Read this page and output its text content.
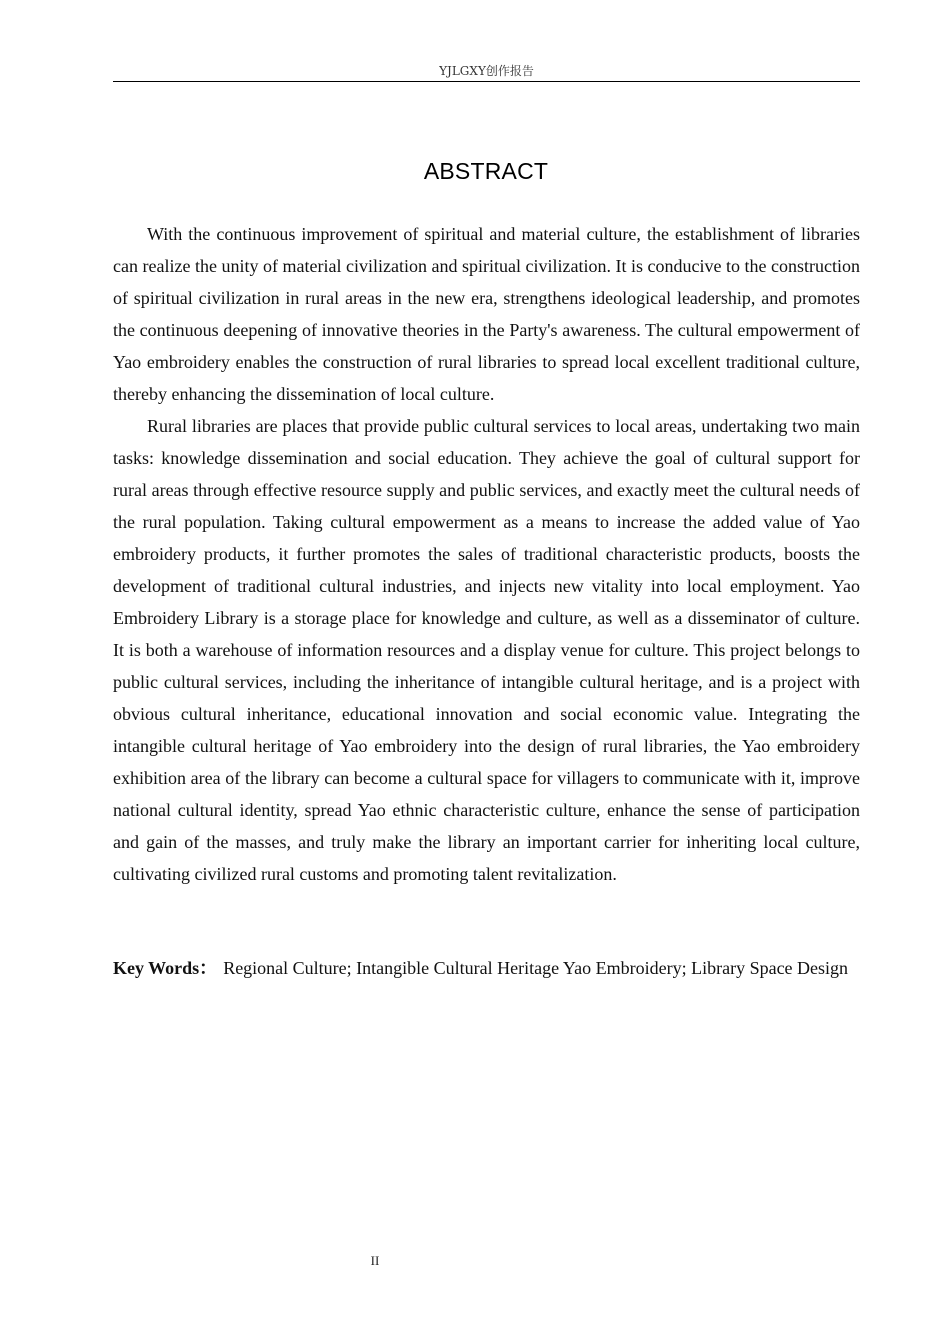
YJLGXY创作报告
ABSTRACT

With the continuous improvement of spiritual and material culture, the establishment of libraries can realize the unity of material civilization and spiritual civilization. It is conducive to the construction of spiritual civilization in rural areas in the new era, strengthens ideological leadership, and promotes the continuous deepening of innovative theories in the Party's awareness. The cultural empowerment of Yao embroidery enables the construction of rural libraries to spread local excellent traditional culture, thereby enhancing the dissemination of local culture.

Rural libraries are places that provide public cultural services to local areas, undertaking two main tasks: knowledge dissemination and social education. They achieve the goal of cultural support for rural areas through effective resource supply and public services, and exactly meet the cultural needs of the rural population. Taking cultural empowerment as a means to increase the added value of Yao embroidery products, it further promotes the sales of traditional characteristic products, boosts the development of traditional cultural industries, and injects new vitality into local employment. Yao Embroidery Library is a storage place for knowledge and culture, as well as a disseminator of culture. It is both a warehouse of information resources and a display venue for culture. This project belongs to public cultural services, including the inheritance of intangible cultural heritage, and is a project with obvious cultural inheritance, educational innovation and social economic value. Integrating the intangible cultural heritage of Yao embroidery into the design of rural libraries, the Yao embroidery exhibition area of the library can become a cultural space for villagers to communicate with it, improve national cultural identity, spread Yao ethnic characteristic culture, enhance the sense of participation and gain of the masses, and truly make the library an important carrier for inheriting local culture, cultivating civilized rural customs and promoting talent revitalization.

Key Words： Regional Culture; Intangible Cultural Heritage Yao Embroidery; Library Space Design
II
